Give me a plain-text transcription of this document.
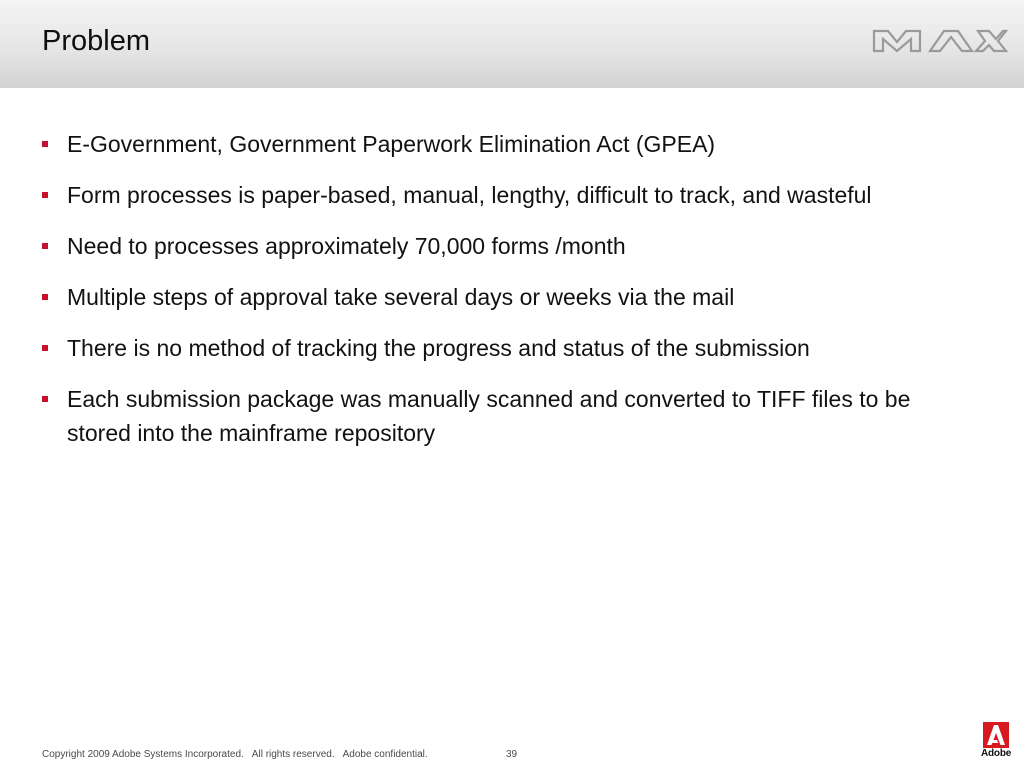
Problem
E-Government, Government Paperwork Elimination Act (GPEA)
Form processes is paper-based, manual, lengthy, difficult to track, and wasteful
Need to processes approximately 70,000 forms /month
Multiple steps of approval take several days or weeks via the mail
There is no method of tracking the progress and status of the submission
Each submission package was manually scanned and converted to TIFF files to be stored into the mainframe repository
Copyright 2009 Adobe Systems Incorporated. All rights reserved. Adobe confidential.	39	Adobe
